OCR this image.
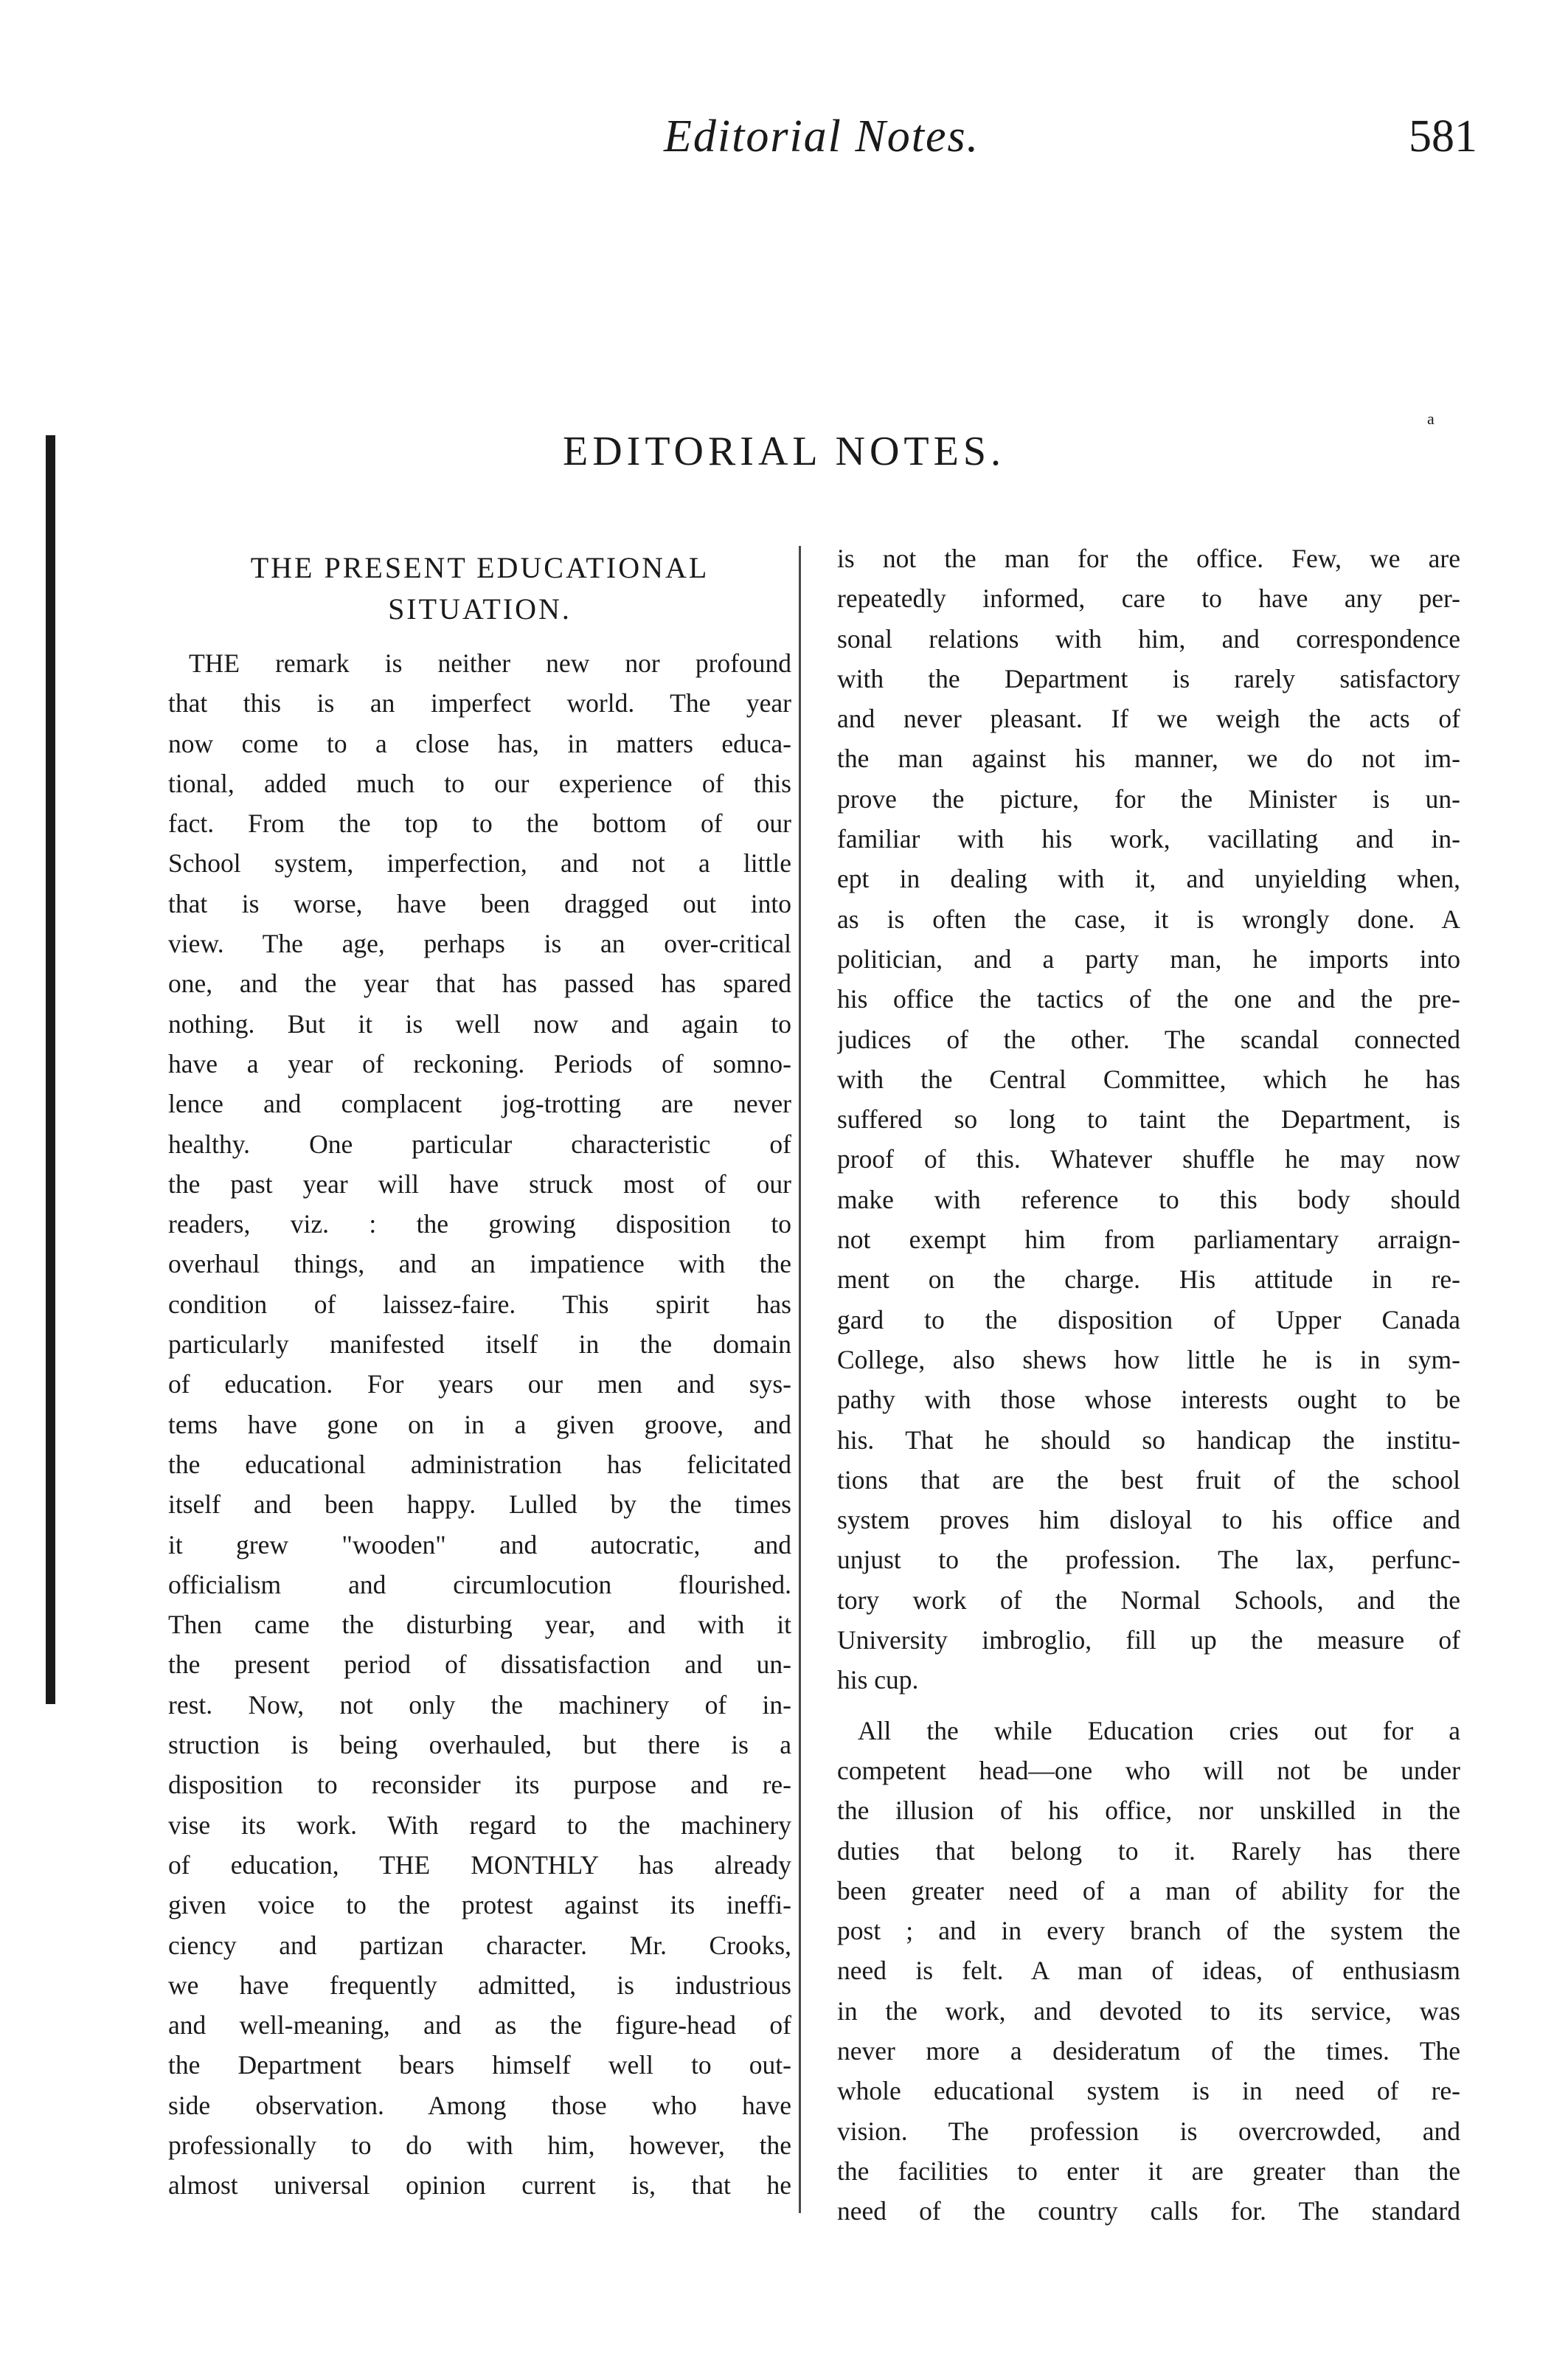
Editorial Notes.	581
a
EDITORIAL NOTES.
THE PRESENT EDUCATIONAL
SITUATION.
THE remark is neither new nor profound
that this is an imperfect world. The year
now come to a close has, in matters educa-
tional, added much to our experience of this
fact. From the top to the bottom of our
School system, imperfection, and not a little
that is worse, have been dragged out into
view. The age, perhaps is an over-critical
one, and the year that has passed has spared
nothing. But it is well now and again to
have a year of reckoning. Periods of somno-
lence and complacent jog-trotting are never
healthy. One particular characteristic of
the past year will have struck most of our
readers, viz. : the growing disposition to
overhaul things, and an impatience with the
condition of laissez-faire. This spirit has
particularly manifested itself in the domain
of education. For years our men and sys-
tems have gone on in a given groove, and
the educational administration has felicitated
itself and been happy. Lulled by the times
it grew "wooden" and autocratic, and
officialism and circumlocution flourished.
Then came the disturbing year, and with it
the present period of dissatisfaction and un-
rest. Now, not only the machinery of in-
struction is being overhauled, but there is a
disposition to reconsider its purpose and re-
vise its work. With regard to the machinery
of education, THE MONTHLY has already
given voice to the protest against its ineffi-
ciency and partizan character. Mr. Crooks,
we have frequently admitted, is industrious
and well-meaning, and as the figure-head of
the Department bears himself well to out-
side observation. Among those who have
professionally to do with him, however, the
almost universal opinion current is, that he
is not the man for the office. Few, we are
repeatedly informed, care to have any per-
sonal relations with him, and correspondence
with the Department is rarely satisfactory
and never pleasant. If we weigh the acts of
the man against his manner, we do not im-
prove the picture, for the Minister is un-
familiar with his work, vacillating and in-
ept in dealing with it, and unyielding when,
as is often the case, it is wrongly done. A
politician, and a party man, he imports into
his office the tactics of the one and the pre-
judices of the other. The scandal connected
with the Central Committee, which he has
suffered so long to taint the Department, is
proof of this. Whatever shuffle he may now
make with reference to this body should
not exempt him from parliamentary arraign-
ment on the charge. His attitude in re-
gard to the disposition of Upper Canada
College, also shews how little he is in sym-
pathy with those whose interests ought to be
his. That he should so handicap the institu-
tions that are the best fruit of the school
system proves him disloyal to his office and
unjust to the profession. The lax, perfunc-
tory work of the Normal Schools, and the
University imbroglio, fill up the measure of
his cup.
All the while Education cries out for a
competent head—one who will not be under
the illusion of his office, nor unskilled in the
duties that belong to it. Rarely has there
been greater need of a man of ability for the
post ; and in every branch of the system the
need is felt. A man of ideas, of enthusiasm
in the work, and devoted to its service, was
never more a desideratum of the times. The
whole educational system is in need of re-
vision. The profession is overcrowded, and
the facilities to enter it are greater than the
need of the country calls for. The standard
